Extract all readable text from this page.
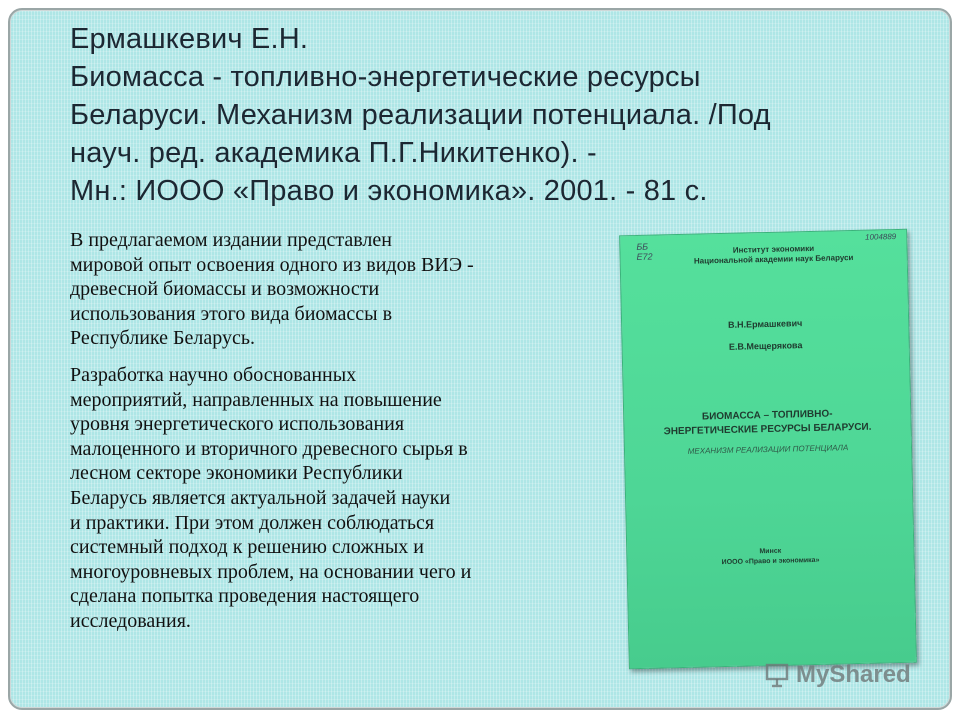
Ермашкевич Е.Н.
Биомасса - топливно-энергетические ресурсы
Беларуси. Механизм реализации потенциала. /Под
науч. ред. академика П.Г.Никитенко). -
Мн.: ИООО «Право и экономика». 2001. - 81 с.

В предлагаемом издании представлен
мировой опыт освоения одного из видов ВИЭ -
древесной биомассы и возможности
использования этого вида биомассы в
Республике Беларусь.

Разработка научно обоснованных
мероприятий, направленных на повышение
уровня энергетического использования
малоценного и вторичного древесного сырья в
лесном секторе экономики Республики
Беларусь является актуальной задачей науки
и практики. При этом должен соблюдаться
системный подход к решению сложных и
многоуровневых проблем, на основании чего и
сделана попытка проведения настоящего
исследования.

ББ
Е72
1004889
Институт экономики
Национальной академии наук Беларуси
В.Н.Ермашкевич
Е.В.Мещерякова
БИОМАССА – ТОПЛИВНО-
ЭНЕРГЕТИЧЕСКИЕ РЕСУРСЫ БЕЛАРУСИ.
МЕХАНИЗМ РЕАЛИЗАЦИИ ПОТЕНЦИАЛА
Минск
ИООО «Право и экономика»
MyShared
